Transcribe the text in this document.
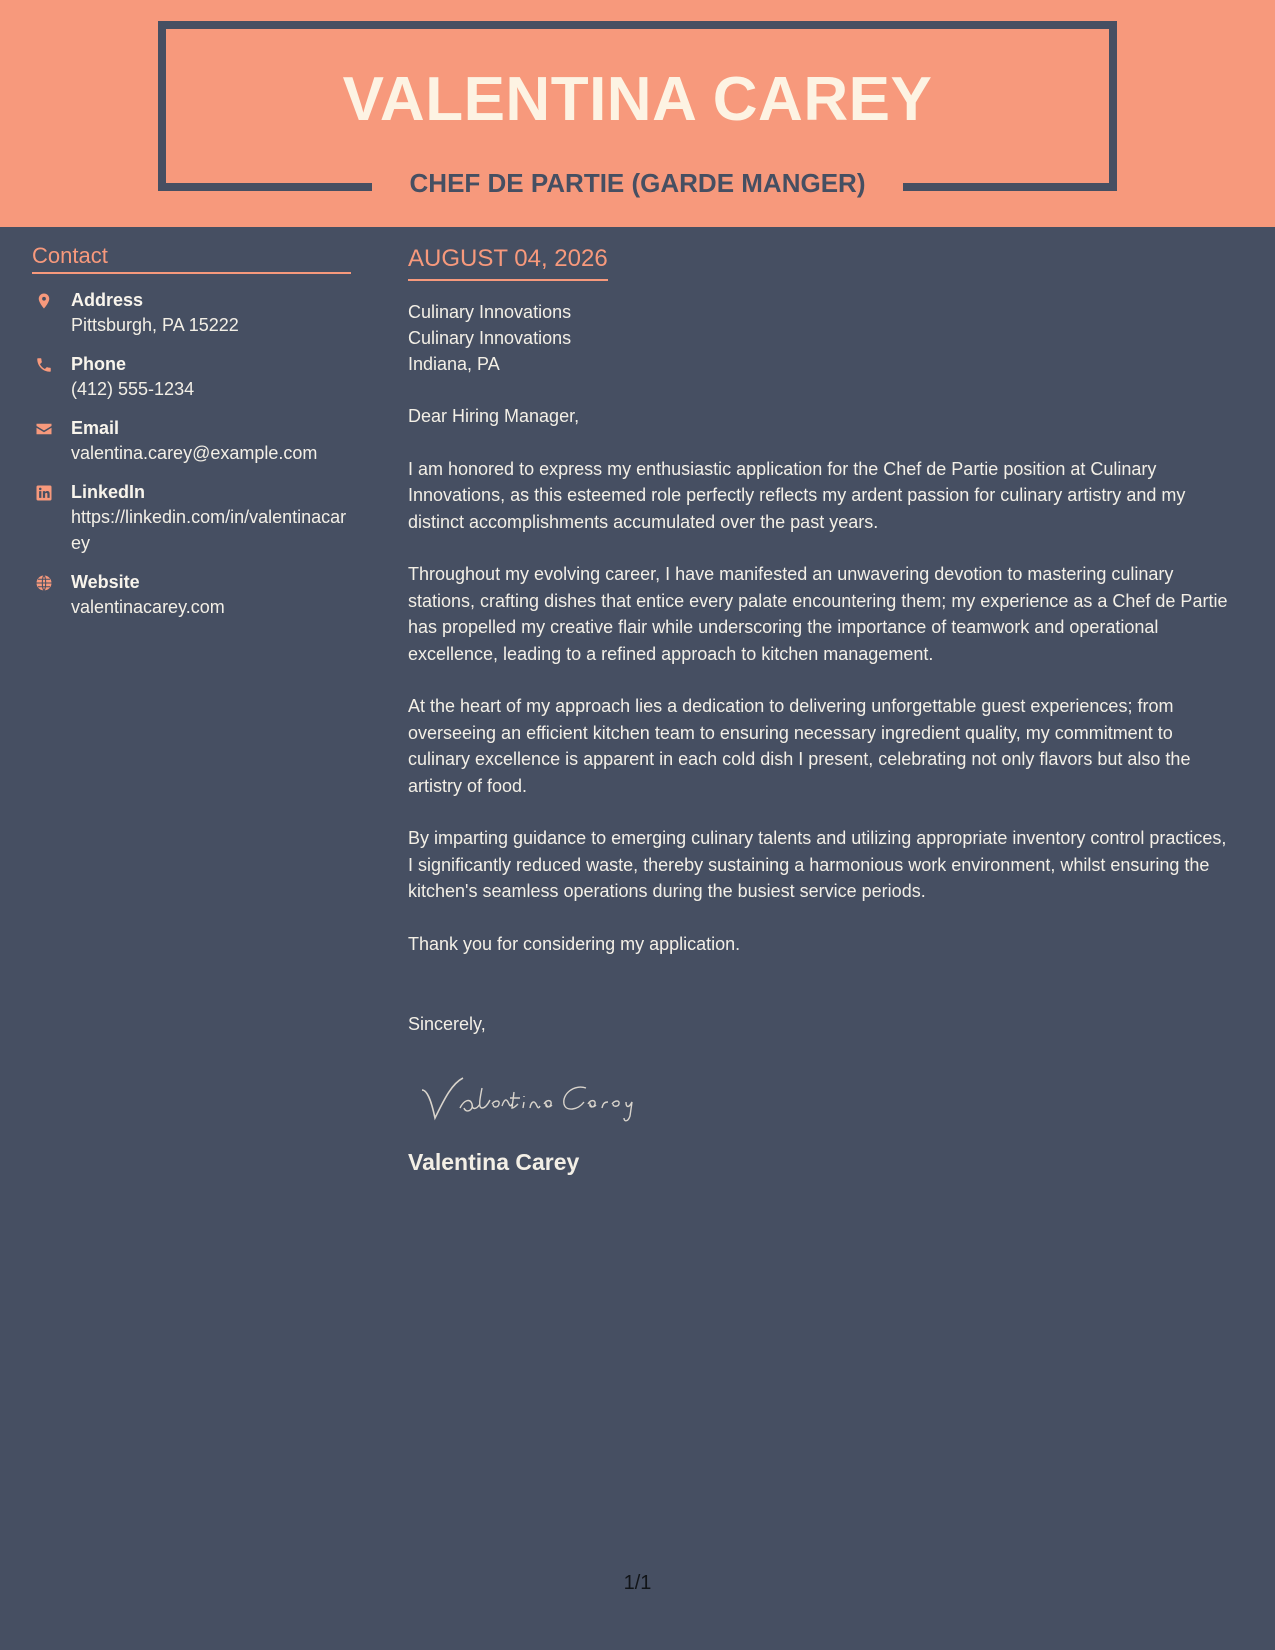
VALENTINA CAREY
CHEF DE PARTIE (GARDE MANGER)
Contact
Address
Pittsburgh, PA 15222
Phone
(412) 555-1234
Email
valentina.carey@example.com
LinkedIn
https://linkedin.com/in/valentinacarey
Website
valentinacarey.com
AUGUST 04, 2026
Culinary Innovations
Culinary Innovations
Indiana, PA

Dear Hiring Manager,

I am honored to express my enthusiastic application for the Chef de Partie position at Culinary Innovations, as this esteemed role perfectly reflects my ardent passion for culinary artistry and my distinct accomplishments accumulated over the past years.

Throughout my evolving career, I have manifested an unwavering devotion to mastering culinary stations, crafting dishes that entice every palate encountering them; my experience as a Chef de Partie has propelled my creative flair while underscoring the importance of teamwork and operational excellence, leading to a refined approach to kitchen management.

At the heart of my approach lies a dedication to delivering unforgettable guest experiences; from overseeing an efficient kitchen team to ensuring necessary ingredient quality, my commitment to culinary excellence is apparent in each cold dish I present, celebrating not only flavors but also the artistry of food.

By imparting guidance to emerging culinary talents and utilizing appropriate inventory control practices, I significantly reduced waste, thereby sustaining a harmonious work environment, whilst ensuring the kitchen's seamless operations during the busiest service periods.

Thank you for considering my application.

Sincerely,

Valentina Carey
1/1
